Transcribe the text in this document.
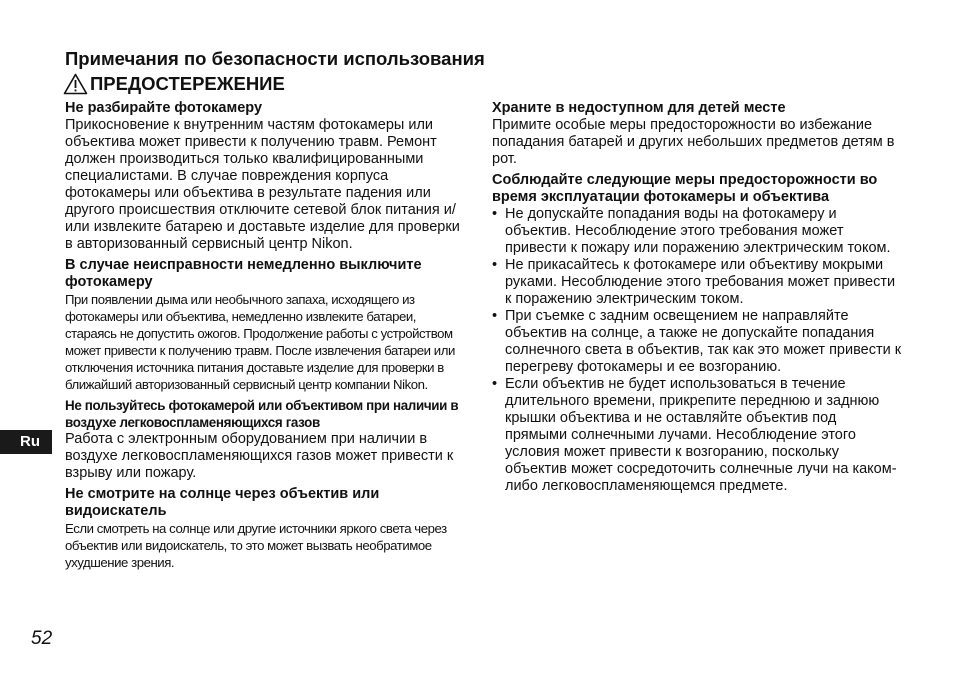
Примечания по безопасности использования
ПРЕДОСТЕРЕЖЕНИЕ
Не разбирайте фотокамеру

Прикосновение к внутренним частям фотокамеры или объектива может привести к получению травм. Ремонт должен производиться только квалифицированными специалистами. В случае повреждения корпуса фотокамеры или объектива в результате падения или другого происшествия отключите сетевой блок питания и/или извлеките батарею и доставьте изделие для проверки в авторизованный сервисный центр Nikon.

В случае неисправности немедленно выключите фотокамеру

При появлении дыма или необычного запаха, исходящего из фотокамеры или объектива, немедленно извлеките батареи, стараясь не допустить ожогов. Продолжение работы с устройством может привести к получению травм. После извлечения батареи или отключения источника питания доставьте изделие для проверки в ближайший авторизованный сервисный центр компании Nikon.

Не пользуйтесь фотокамерой или объективом при наличии в воздухе легковоспламеняющихся газов

Работа с электронным оборудованием при наличии в воздухе легковоспламеняющихся газов может привести к взрыву или пожару.

Не смотрите на солнце через объектив или видоискатель

Если смотреть на солнце или другие источники яркого света через объектив или видоискатель, то это может вызвать необратимое ухудшение зрения.

Храните в недоступном для детей месте

Примите особые меры предосторожности во избежание попадания батарей и других небольших предметов детям в рот.

Соблюдайте следующие меры предосторожности во время эксплуатации фотокамеры и объектива
• Не допускайте попадания воды на фотокамеру и объектив. Несоблюдение этого требования может привести к пожару или поражению электрическим током.
• Не прикасайтесь к фотокамере или объективу мокрыми руками. Несоблюдение этого требования может привести к поражению электрическим током.
• При съемке с задним освещением не направляйте объектив на солнце, а также не допускайте попадания солнечного света в объектив, так как это может привести к перегреву фотокамеры и ее возгоранию.
• Если объектив не будет использоваться в течение длительного времени, прикрепите переднюю и заднюю крышки объектива и не оставляйте объектив под прямыми солнечными лучами. Несоблюдение этого условия может привести к возгоранию, поскольку объектив может сосредоточить солнечные лучи на каком-либо легковоспламеняющемся предмете.
Ru
52
